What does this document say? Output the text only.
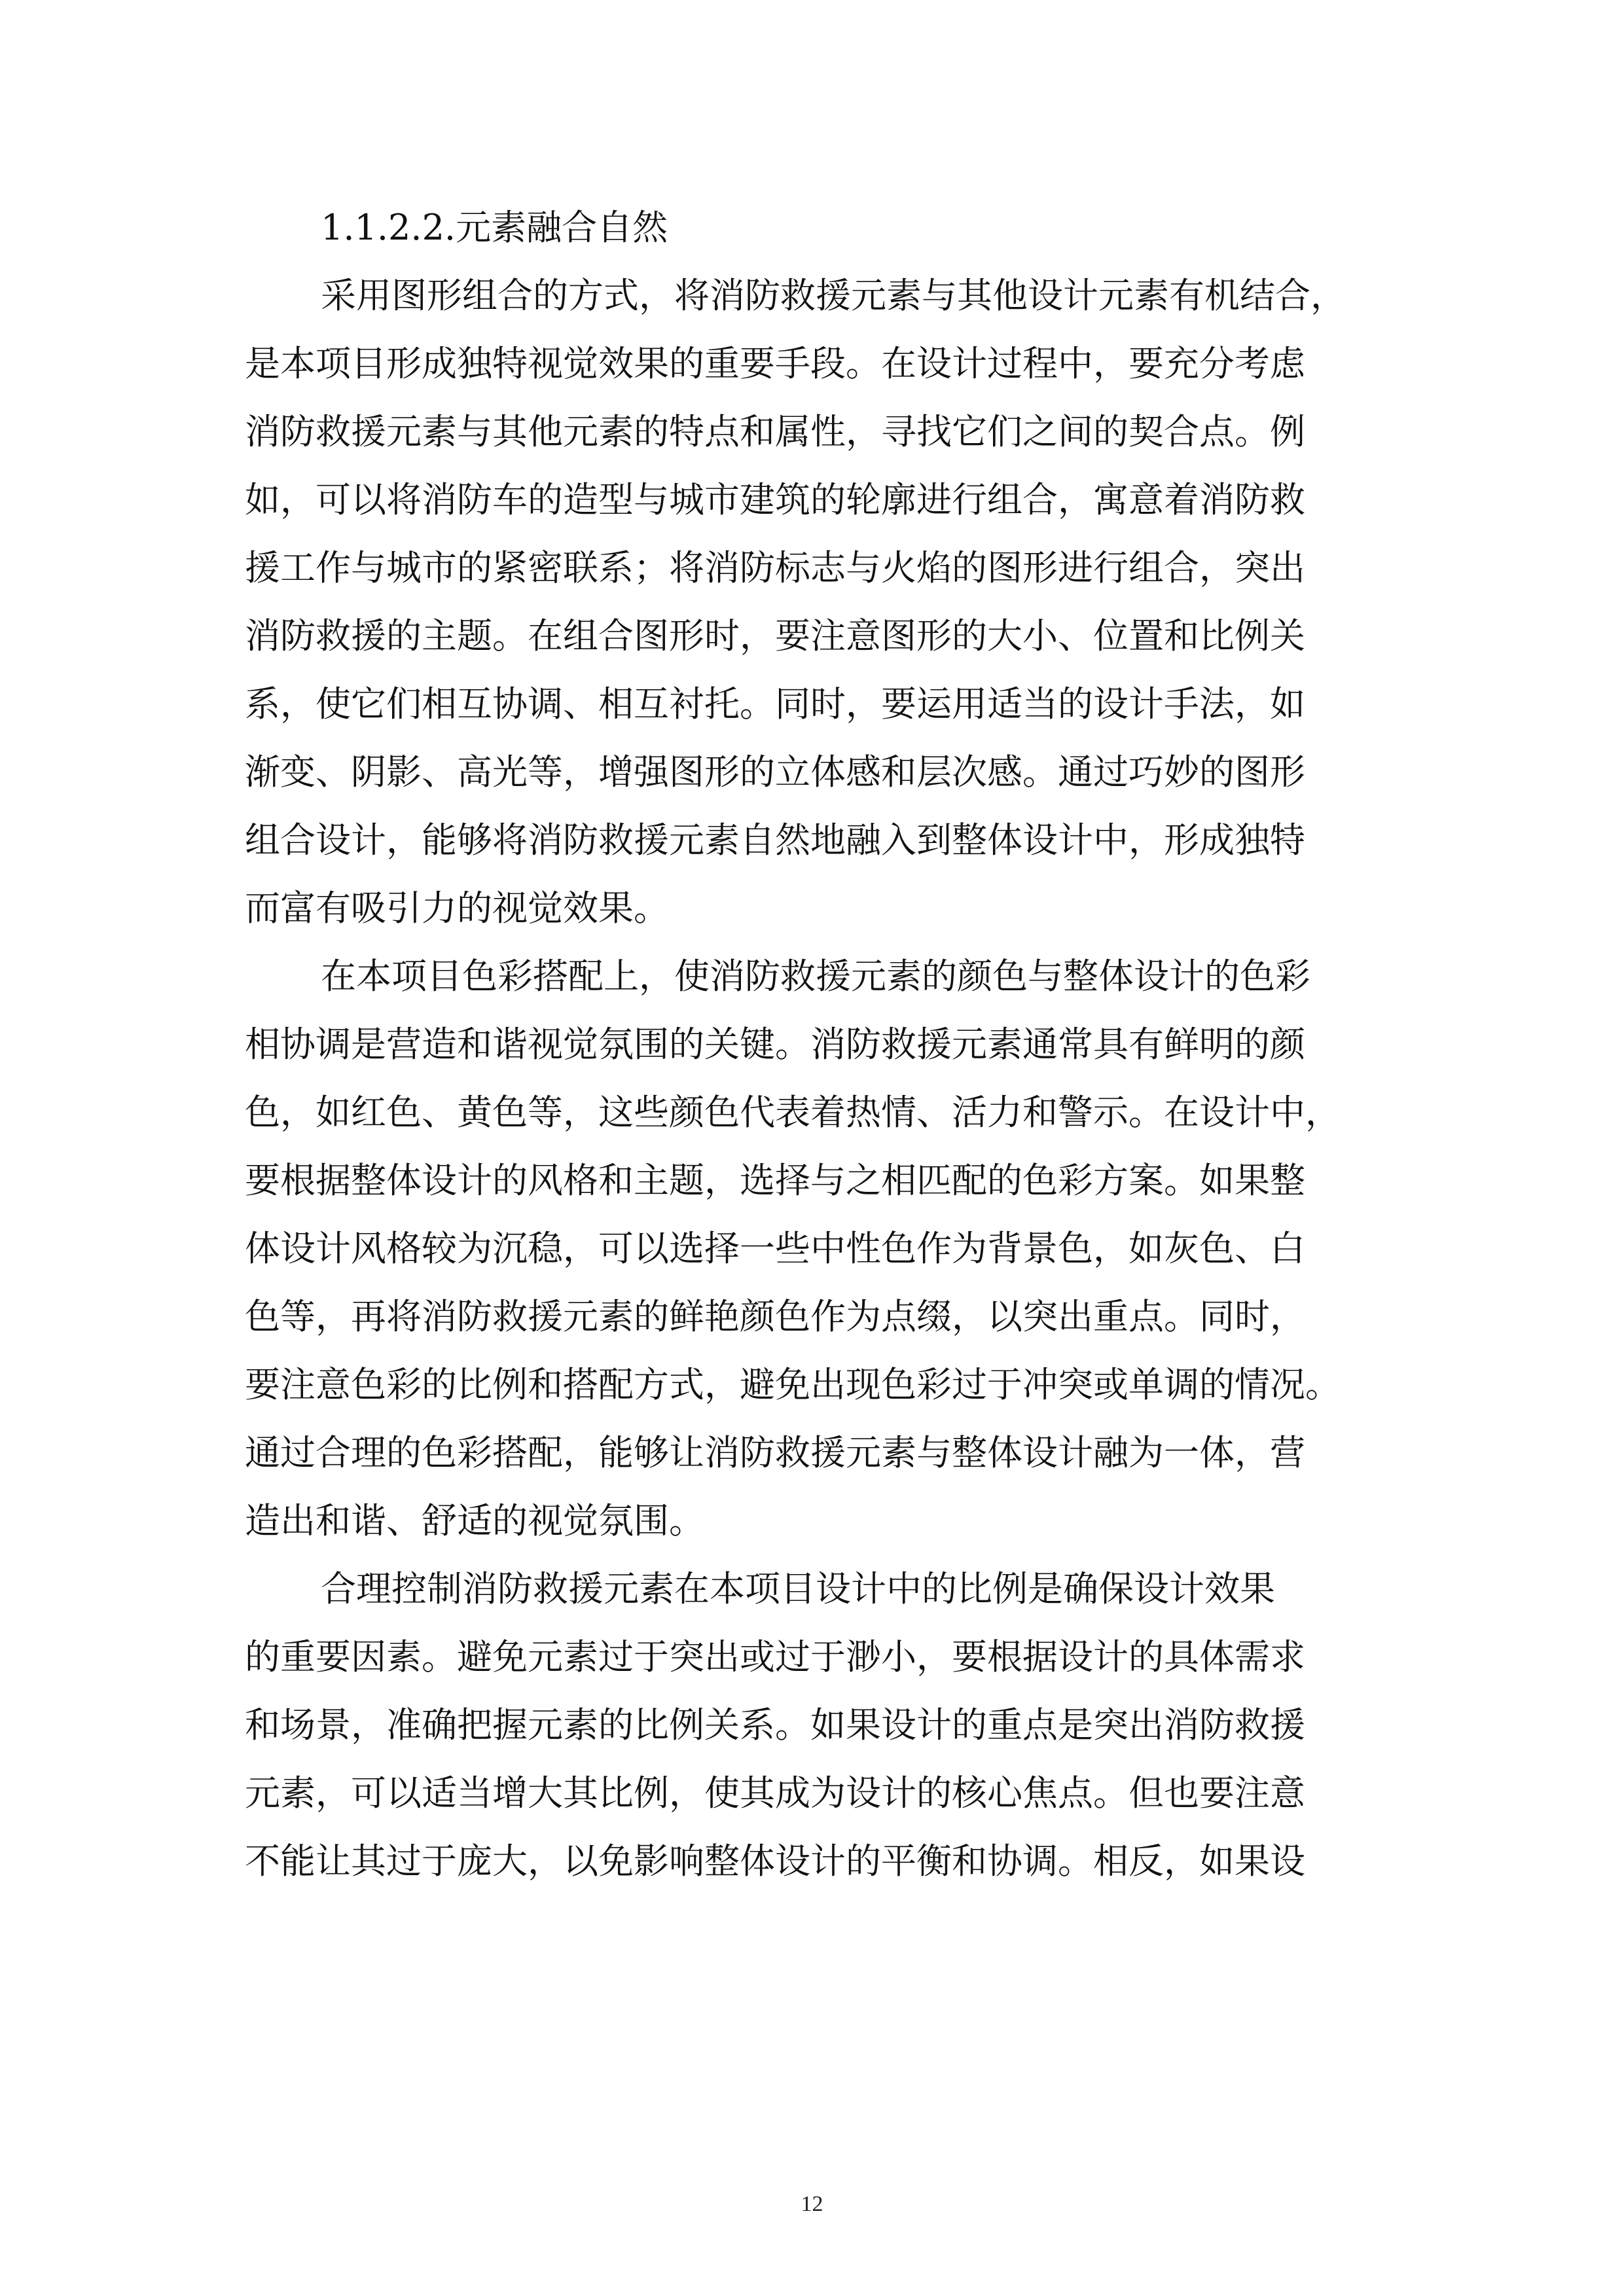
1.1.2.2.元素融合自然
采用图形组合的方式，将消防救援元素与其他设计元素有机结合，
是本项目形成独特视觉效果的重要手段。在设计过程中，要充分考虑
消防救援元素与其他元素的特点和属性，寻找它们之间的契合点。例
如，可以将消防车的造型与城市建筑的轮廓进行组合，寓意着消防救
援工作与城市的紧密联系；将消防标志与火焰的图形进行组合，突出
消防救援的主题。在组合图形时，要注意图形的大小、位置和比例关
系，使它们相互协调、相互衬托。同时，要运用适当的设计手法，如
渐变、阴影、高光等，增强图形的立体感和层次感。通过巧妙的图形
组合设计，能够将消防救援元素自然地融入到整体设计中，形成独特
而富有吸引力的视觉效果。
在本项目色彩搭配上，使消防救援元素的颜色与整体设计的色彩
相协调是营造和谐视觉氛围的关键。消防救援元素通常具有鲜明的颜
色，如红色、黄色等，这些颜色代表着热情、活力和警示。在设计中，
要根据整体设计的风格和主题，选择与之相匹配的色彩方案。如果整
体设计风格较为沉稳，可以选择一些中性色作为背景色，如灰色、白
色等，再将消防救援元素的鲜艳颜色作为点缀，以突出重点。同时，
要注意色彩的比例和搭配方式，避免出现色彩过于冲突或单调的情况。
通过合理的色彩搭配，能够让消防救援元素与整体设计融为一体，营
造出和谐、舒适的视觉氛围。
合理控制消防救援元素在本项目设计中的比例是确保设计效果
的重要因素。避免元素过于突出或过于渺小，要根据设计的具体需求
和场景，准确把握元素的比例关系。如果设计的重点是突出消防救援
元素，可以适当增大其比例，使其成为设计的核心焦点。但也要注意
不能让其过于庞大，以免影响整体设计的平衡和协调。相反，如果设
12
